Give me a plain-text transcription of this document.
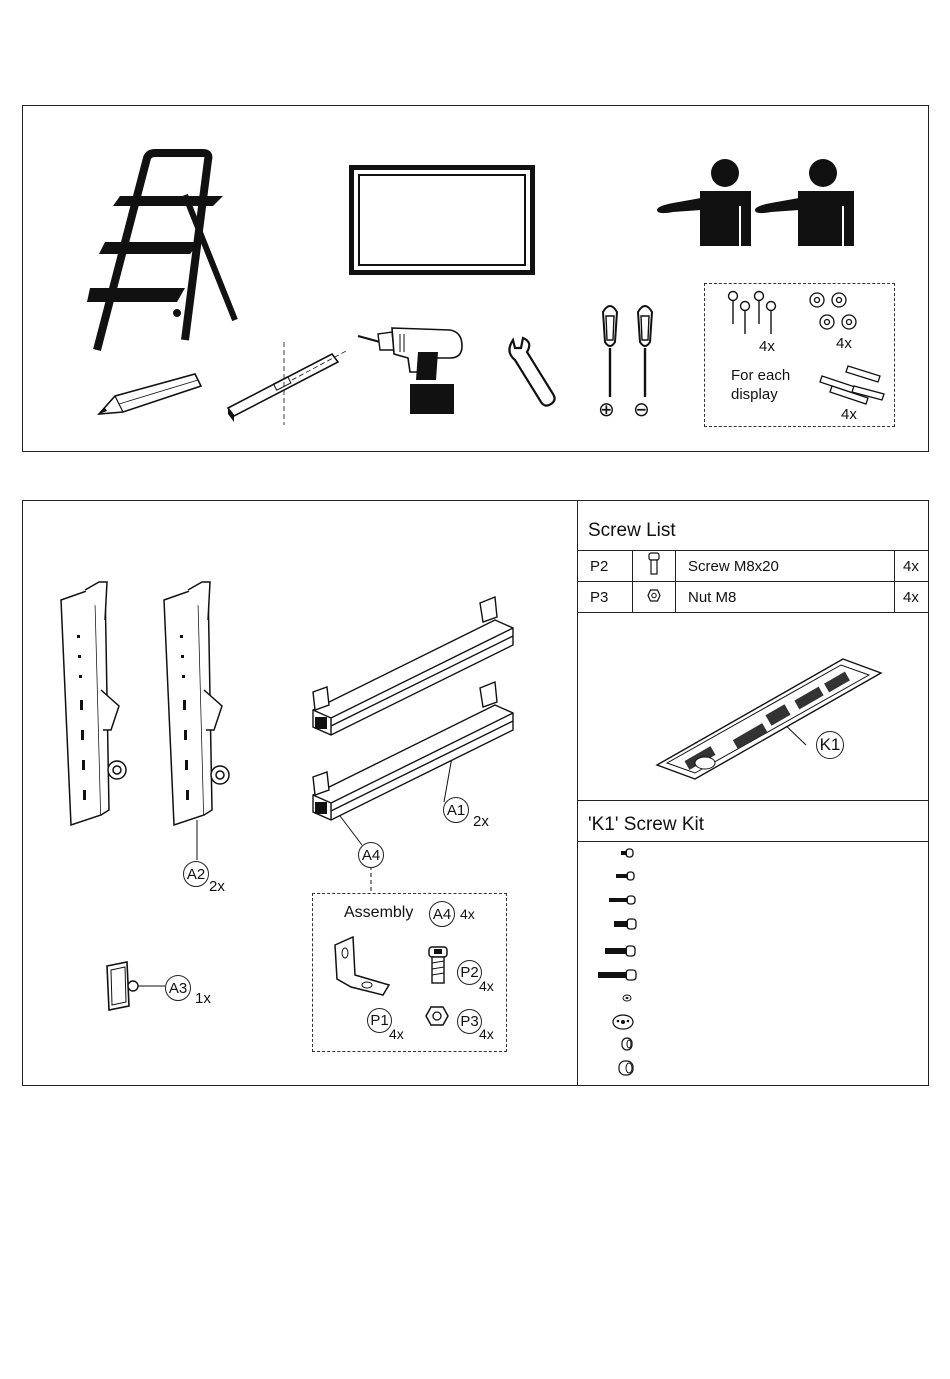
⊕ ⊖
4x	4x
For each
display
4x
A2
2x
A1
2x
A4
A3
1x
Assembly A4 4x
P1
4x
P2
4x
P3
4x
Screw List
P2		Screw M8x20	4x
P3		Nut M8	4x
K1
'K1' Screw Kit
